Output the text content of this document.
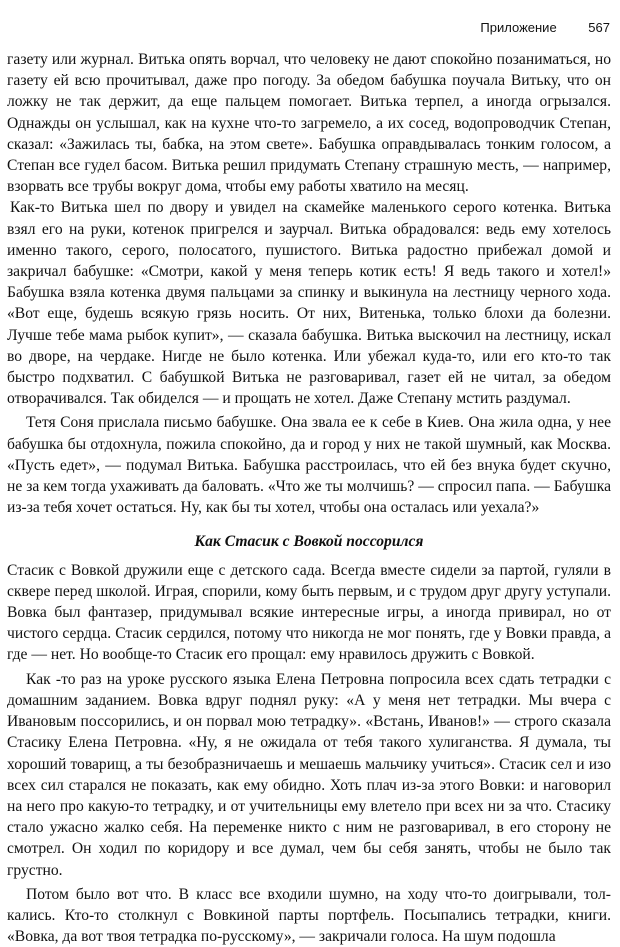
Приложение 567

газету или журнал. Витька опять ворчал, что человеку не дают спокойно позаниматься, но газету ей всю прочитывал, даже про погоду. За обедом бабушка поучала Витьку, что он ложку не так держит, да еще пальцем помогает. Витька терпел, а иногда огрызался. Однажды он услышал, как на кухне что-то загремело, а их сосед, водопроводчик Степан, сказал: «Зажилась ты, бабка, на этом свете». Бабушка оправдывалась тонким голосом, а Степан все гудел басом. Витька решил придумать Степану страшную месть, — например, взорвать все трубы вокруг дома, чтобы ему работы хватило на месяц.

Как-то Витька шел по двору и увидел на скамейке маленького серого котенка. Витька взял его на руки, котенок пригрелся и заурчал. Витька обрадовался: ведь ему хотелось именно такого, серого, полосатого, пушистого. Витька радостно прибежал домой и закричал бабушке: «Смотри, какой у меня теперь котик есть! Я ведь такого и хотел!» Бабушка взяла котенка двумя пальцами за спинку и выкинула на лестницу черного хода. «Вот еще, будешь всякую грязь носить. От них, Витенька, только блохи да болезни. Лучше тебе мама рыбок купит», — сказала бабушка. Витька выскочил на лестницу, искал во дворе, на чердаке. Нигде не было котенка. Или убежал куда-то, или его кто-то так быстро подхватил. С бабушкой Витька не разговаривал, газет ей не читал, за обедом отворачивался. Так обиделся — и прощать не хотел. Даже Степану мстить раздумал.

Тетя Соня прислала письмо бабушке. Она звала ее к себе в Киев. Она жила одна, у нее бабушка бы отдохнула, пожила спокойно, да и город у них не такой шумный, как Москва. «Пусть едет», — подумал Витька. Бабушка расстроилась, что ей без внука будет скучно, не за кем тогда ухаживать да баловать. «Что же ты молчишь? — спросил папа. — Бабушка из-за тебя хочет остаться. Ну, как бы ты хотел, чтобы она осталась или уехала?»

Как Стасик с Вовкой поссорился

Стасик с Вовкой дружили еще с детского сада. Всегда вместе сидели за партой, гуляли в сквере перед школой. Играя, спорили, кому быть первым, и с трудом друг другу уступали. Вовка был фантазер, придумывал всякие интересные игры, а иногда привирал, но от чистого сердца. Стасик сердился, потому что никогда не мог понять, где у Вовки правда, а где — нет. Но вообще-то Стасик его прощал: ему нравилось дружить с Вовкой.

Как -то раз на уроке русского языка Елена Петровна попросила всех сдать тетрадки с домашним заданием. Вовка вдруг поднял руку: «А у меня нет тетрадки. Мы вчера с Ивановым поссорились, и он порвал мою тетрадку». «Встань, Иванов!» — строго сказала Стасику Елена Петровна. «Ну, я не ожидала от тебя такого хулиганства. Я думала, ты хороший товарищ, а ты безобразничаешь и мешаешь мальчику учиться». Стасик сел и изо всех сил старался не показать, как ему обидно. Хоть плач из-за этого Вовки: и наговорил на него про какую-то тетрадку, и от учительницы ему влетело при всех ни за что. Стасику стало ужасно жалко себя. На переменке никто с ним не разговаривал, в его сторону не смотрел. Он ходил по коридору и все думал, чем бы себя занять, чтобы не было так грустно.

Потом было вот что. В класс все входили шумно, на ходу что-то доигрывали, толкались. Кто-то столкнул с Вовкиной парты портфель. Посыпались тетрадки, книги. «Вовка, да вот твоя тетрадка по-русскому», — закричали голоса. На шум подошла
